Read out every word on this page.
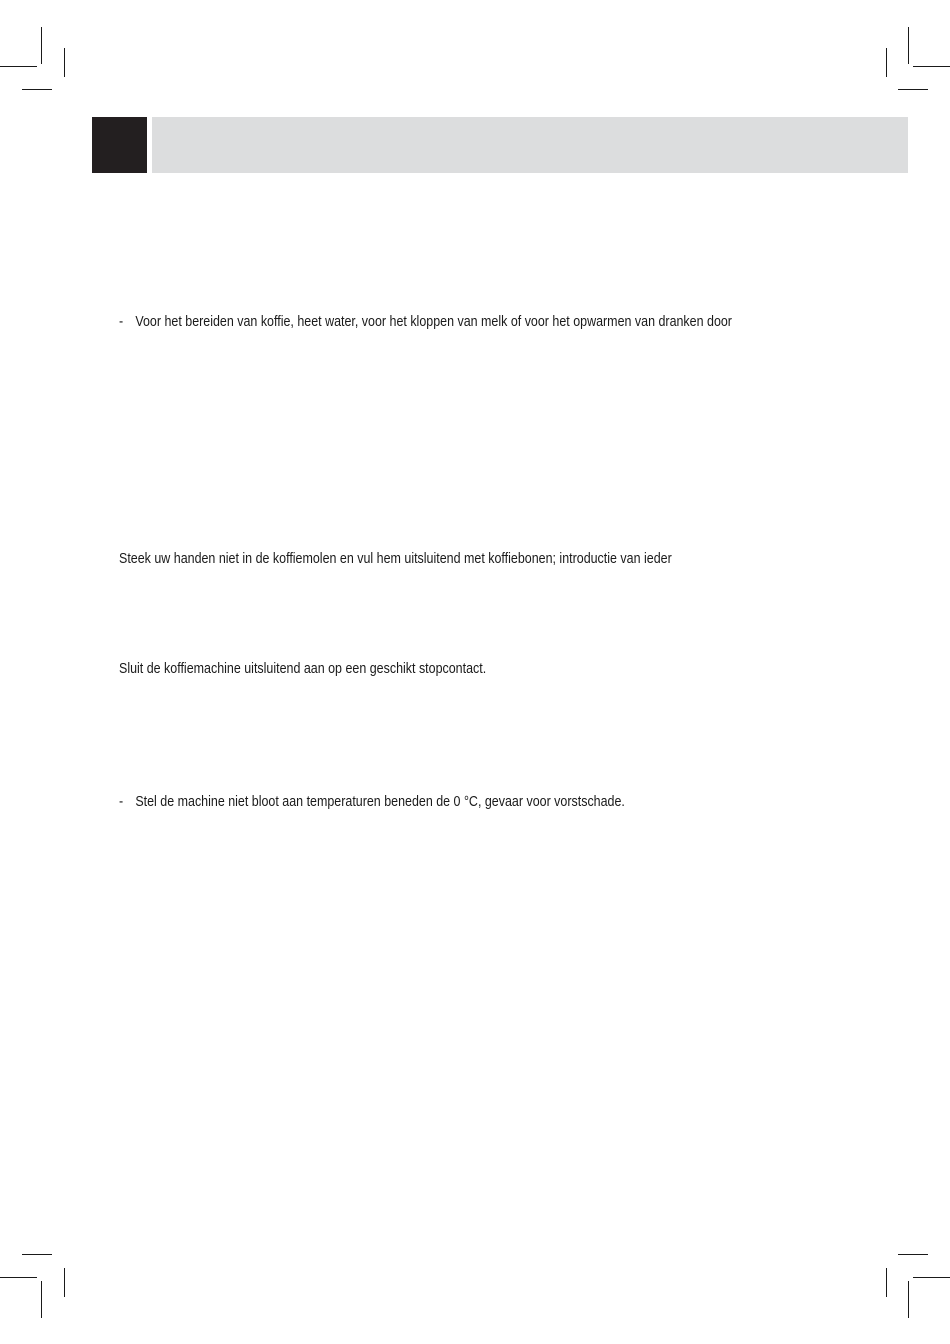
- Voor het bereiden van koffie, heet water, voor het kloppen van melk of voor het opwarmen van dranken door
Steek uw handen niet in de koffiemolen en vul hem uitsluitend met koffiebonen; introductie van ieder
Sluit de koffiemachine uitsluitend aan op een geschikt stopcontact.
- Stel de machine niet bloot aan temperaturen beneden de 0 °C, gevaar voor vorstschade.
